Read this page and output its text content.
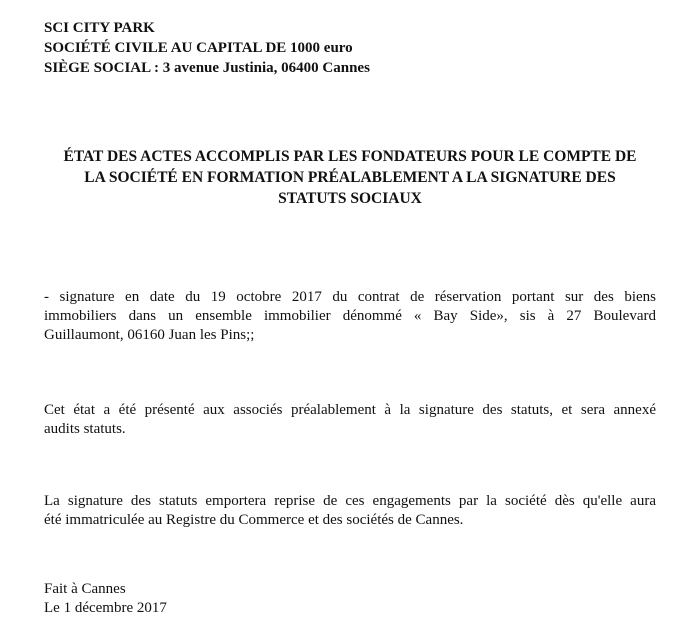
SCI CITY PARK
SOCIÉTÉ CIVILE AU CAPITAL DE 1000 euro
SIÈGE SOCIAL : 3 avenue Justinia, 06400 Cannes
ÉTAT DES ACTES ACCOMPLIS PAR LES FONDATEURS POUR LE COMPTE DE
LA SOCIÉTÉ EN FORMATION PRÉALABLEMENT A LA SIGNATURE DES
STATUTS SOCIAUX
- signature en date du 19 octobre 2017 du contrat de réservation portant sur des biens
immobiliers dans un ensemble immobilier dénommé « Bay Side», sis à 27 Boulevard
Guillaumont, 06160 Juan les Pins;;
Cet état a été présenté aux associés préalablement à la signature des statuts, et sera annexé
audits statuts.
La signature des statuts emportera reprise de ces engagements par la société dès qu'elle aura
été immatriculée au Registre du Commerce et des sociétés de Cannes.
Fait à Cannes
Le 1 décembre 2017
